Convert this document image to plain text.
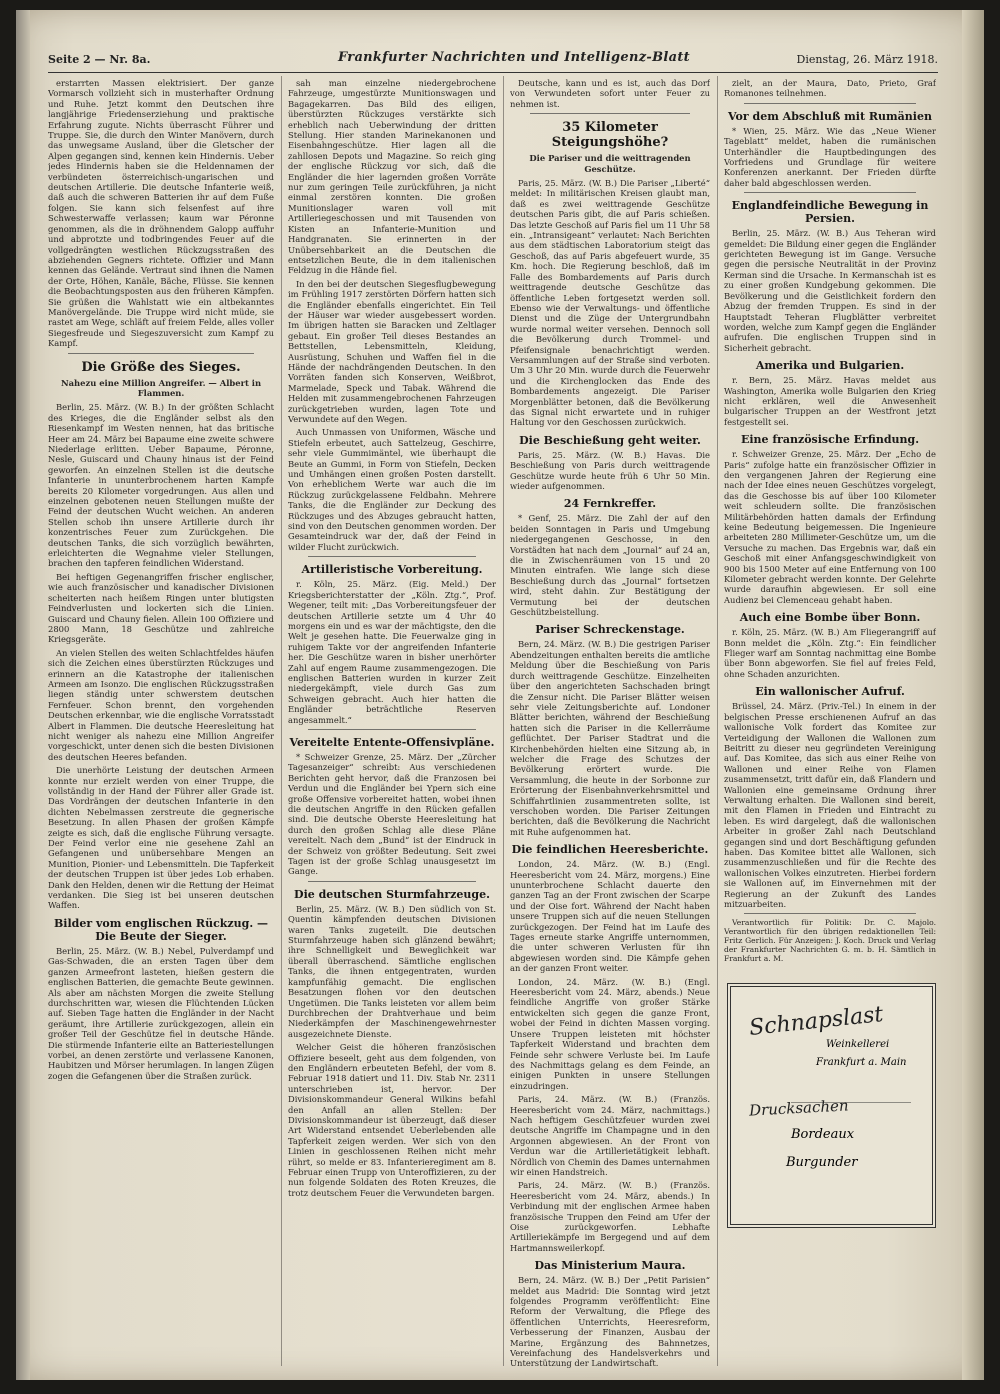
Seite 2 — Nr. 8a.	Frankfurter Nachrichten und Intelligenz-Blatt	Dienstag, 26. März 1918.

erstarrten Massen elektrisiert. Der ganze Vormarsch vollzieht sich in musterhafter Ordnung und Ruhe. Jetzt kommt den Deutschen ihre langjährige Friedenserziehung und praktische Erfahrung zugute. Nichts überrascht Führer und Truppe. Sie, die durch den Winter Manövern, durch das unwegsame Ausland, über die Gletscher der Alpen gegangen sind, kennen kein Hindernis. Ueber jedes Hindernis haben sie die Heldennamen der verbündeten österreichisch-ungarischen und deutschen Artillerie. Die deutsche Infanterie weiß, daß auch die schweren Batterien ihr auf dem Fuße folgen. Sie kann sich felsenfest auf ihre Schwesterwaffe verlassen; kaum war Péronne genommen, als die in dröhnendem Galopp auffuhr und abprotzte und todbringendes Feuer auf die vollgedrängten westlichen Rückzugsstraßen des abziehenden Gegners richtete. Offizier und Mann kennen das Gelände. Vertraut sind ihnen die Namen der Orte, Höhen, Kanäle, Bäche, Flüsse. Sie kennen die Beobachtungsposten aus den früheren Kämpfen. Sie grüßen die Wahlstatt wie ein altbekanntes Manövergelände. Die Truppe wird nicht müde, sie rastet am Wege, schläft auf freiem Felde, alles voller Siegesfreude und Siegeszuversicht zum Kampf zu Kampf.

Die Größe des Sieges.
Nahezu eine Million Angreifer. — Albert in Flammen.

Berlin, 25. März. (W. B.) In der größten Schlacht des Krieges, die die Engländer selbst als den Riesenkampf im Westen nennen, hat das britische Heer am 24. März bei Bapaume eine zweite schwere Niederlage erlitten. Ueber Bapaume, Péronne, Nesle, Guiscard und Chauny hinaus ist der Feind geworfen. An einzelnen Stellen ist die deutsche Infanterie in ununterbrochenem harten Kampfe bereits 20 Kilometer vorgedrungen. Aus allen und einzelnen gebotenen neuen Stellungen mußte der Feind der deutschen Wucht weichen. An anderen Stellen schob ihn unsere Artillerie durch ihr konzentrisches Feuer zum Zurückgehen. Die deutschen Tanks, die sich vorzüglich bewährten, erleichterten die Wegnahme vieler Stellungen, brachen den tapferen feindlichen Widerstand.

Bei heftigen Gegenangriffen frischer englischer, wie auch französischer und kanadischer Divisionen scheiterten nach heißem Ringen unter blutigsten Feindverlusten und lockerten sich die Linien. Guiscard und Chauny fielen. Allein 100 Offiziere und 2800 Mann, 18 Geschütze und zahlreiche Kriegsgeräte.

An vielen Stellen des weiten Schlachtfeldes häufen sich die Zeichen eines überstürzten Rückzuges und erinnern an die Katastrophe der italienischen Armeen am Isonzo. Die englischen Rückzugsstraßen liegen ständig unter schwerstem deutschen Fernfeuer. Schon brennt, den vorgehenden Deutschen erkennbar, wie die englische Vorratsstadt Albert in Flammen. Die deutsche Heeresleitung hat nicht weniger als nahezu eine Million Angreifer vorgeschickt, unter denen sich die besten Divisionen des deutschen Heeres befanden.

Die unerhörte Leistung der deutschen Armeen konnte nur erzielt werden von einer Truppe, die vollständig in der Hand der Führer aller Grade ist. Das Vordrängen der deutschen Infanterie in den dichten Nebelmassen zerstreute die gegnerische Besetzung. In allen Phasen der großen Kämpfe zeigte es sich, daß die englische Führung versagte. Der Feind verlor eine nie gesehene Zahl an Gefangenen und unübersehbare Mengen an Munition, Pionier- und Lebensmitteln. Die Tapferkeit der deutschen Truppen ist über jedes Lob erhaben. Dank den Helden, denen wir die Rettung der Heimat verdanken. Die Sieg ist bei unseren deutschen Waffen.

Bilder vom englischen Rückzug. — Die Beute der Sieger.

Berlin, 25. März. (W. B.) Nebel, Pulverdampf und Gas-Schwaden, die an ersten Tagen über dem ganzen Armeefront lasteten, hießen gestern die englischen Batterien, die gemachte Beute gewinnen. Als aber am nächsten Morgen die zweite Stellung durchschritten war, wiesen die Flüchtenden Lücken auf. Sieben Tage hatten die Engländer in der Nacht geräumt, ihre Artillerie zurückgezogen, allein ein großer Teil der Geschütze fiel in deutsche Hände. Die stürmende Infanterie eilte an Batteriestellungen vorbei, an denen zerstörte und verlassene Kanonen, Haubitzen und Mörser herumlagen. In langen Zügen zogen die Gefangenen über die Straßen zurück.

sah man einzelne niedergebrochene Fahrzeuge, umgestürzte Munitionswagen und Bagagekarren. Das Bild des eiligen, überstürzten Rückzuges verstärkte sich erheblich nach Ueberwindung der dritten Stellung. Hier standen Marinekanonen und Eisenbahngeschütze. Hier lagen all die zahllosen Depots und Magazine. So reich ging der englische Rückzug vor sich, daß die Engländer die hier lagernden großen Vorräte nur zum geringen Teile zurückführen, ja nicht einmal zerstören konnten. Die großen Munitionslager waren voll mit Artilleriegeschossen und mit Tausenden von Kisten an Infanterie-Munition und Handgranaten. Sie erinnerten in der Unübersehbarkeit an die Deutschen die entsetzlichen Beute, die in dem italienischen Feldzug in die Hände fiel.

In den bei der deutschen Siegesflugbewegung im Frühling 1917 zerstörten Dörfern hatten sich die Engländer ebenfalls eingerichtet. Ein Teil der Häuser war wieder ausgebessert worden. Im übrigen hatten sie Baracken und Zeltlager gebaut. Ein großer Teil dieses Bestandes an Bettstellen, Lebensmitteln, Kleidung, Ausrüstung, Schuhen und Waffen fiel in die Hände der nachdrängenden Deutschen. In den Vorräten fanden sich Konserven, Weißbrot, Marmelade, Speck und Tabak. Während die Helden mit zusammengebrochenen Fahrzeugen zurückgetrieben wurden, lagen Tote und Verwundete auf den Wegen.

Auch Unmassen von Uniformen, Wäsche und Stiefeln erbeutet, auch Sattelzeug, Geschirre, sehr viele Gummimäntel, wie überhaupt die Beute an Gummi, in Form von Stiefeln, Decken und Umhängen einen großen Posten darstellt. Von erheblichem Werte war auch die im Rückzug zurückgelassene Feldbahn. Mehrere Tanks, die die Engländer zur Deckung des Rückzuges und des Abzuges gebraucht hatten, sind von den Deutschen genommen worden. Der Gesamteindruck war der, daß der Feind in wilder Flucht zurückwich.

Artilleristische Vorbereitung.

r. Köln, 25. März. (Eig. Meld.) Der Kriegsberichterstatter der „Köln. Ztg.“, Prof. Wegener, teilt mit: „Das Vorbereitungsfeuer der deutschen Artillerie setzte um 4 Uhr 40 morgens ein und es war der mächtigste, den die Welt je gesehen hatte. Die Feuerwalze ging in ruhigem Takte vor der angreifenden Infanterie her. Die Geschütze waren in bisher unerhörter Zahl auf engem Raume zusammengezogen. Die englischen Batterien wurden in kurzer Zeit niedergekämpft, viele durch Gas zum Schweigen gebracht. Auch hier hatten die Engländer beträchtliche Reserven angesammelt.“

Vereitelte Entente-Offensivpläne.

* Schweizer Grenze, 25. März. Der „Zürcher Tagesanzeiger“ schreibt: Aus verschiedenen Berichten geht hervor, daß die Franzosen bei Verdun und die Engländer bei Ypern sich eine große Offensive vorbereitet hatten, wobei ihnen die deutschen Angriffe in den Rücken gefallen sind. Die deutsche Oberste Heeresleitung hat durch den großen Schlag alle diese Pläne vereitelt. Nach dem „Bund“ ist der Eindruck in der Schweiz von größter Bedeutung. Seit zwei Tagen ist der große Schlag unausgesetzt im Gange.

Die deutschen Sturmfahrzeuge.

Berlin, 25. März. (W. B.) Den südlich von St. Quentin kämpfenden deutschen Divisionen waren Tanks zugeteilt. Die deutschen Sturmfahrzeuge haben sich glänzend bewährt; ihre Schnelligkeit und Beweglichkeit war überall überraschend. Sämtliche englischen Tanks, die ihnen entgegentraten, wurden kampfunfähig gemacht. Die englischen Besatzungen flohen vor den deutschen Ungetümen. Die Tanks leisteten vor allem beim Durchbrechen der Drahtverhaue und beim Niederkämpfen der Maschinengewehrnester ausgezeichnete Dienste.

Welcher Geist die höheren französischen Offiziere beseelt, geht aus dem folgenden, von den Engländern erbeuteten Befehl, der vom 8. Februar 1918 datiert und 11. Div. Stab Nr. 2311 unterschrieben ist, hervor. Der Divisionskommandeur General Wilkins befahl den Anfall an allen Stellen: Der Divisionskommandeur ist überzeugt, daß dieser Art Widerstand entsendet Ueberlebenden alle Tapferkeit zeigen werden. Wer sich von den Linien in geschlossenen Reihen nicht mehr rührt, so melde er 83. Infanterieregiment am 8. Februar einen Trupp von Unteroffizieren, zu der nun folgende Soldaten des Roten Kreuzes, die trotz deutschem Feuer die Verwundeten bargen.

Deutsche, kann und es ist, auch das Dorf von Verwundeten sofort unter Feuer zu nehmen ist.

35 Kilometer Steigungshöhe?
Die Pariser und die weittragenden Geschütze.

Paris, 25. März. (W. B.) Die Pariser „Liberté“ meldet: In militärischen Kreisen glaubt man, daß es zwei weittragende Geschütze deutschen Paris gibt, die auf Paris schießen. Das letzte Geschoß auf Paris fiel um 11 Uhr 58 ein. „Intransigeant“ verlautet: Nach Berichten aus dem städtischen Laboratorium steigt das Geschoß, das auf Paris abgefeuert wurde, 35 Km. hoch. Die Regierung beschloß, daß im Falle des Bombardements auf Paris durch weittragende deutsche Geschütze das öffentliche Leben fortgesetzt werden soll. Ebenso wie der Verwaltungs- und öffentliche Dienst und die Züge der Untergrundbahn wurde normal weiter versehen. Dennoch soll die Bevölkerung durch Trommel- und Pfeifensignale benachrichtigt werden. Versammlungen auf der Straße sind verboten. Um 3 Uhr 20 Min. wurde durch die Feuerwehr und die Kirchenglocken das Ende des Bombardements angezeigt. Die Pariser Morgenblätter betonen, daß die Bevölkerung das Signal nicht erwartete und in ruhiger Haltung vor den Geschossen zurückwich.

Die Beschießung geht weiter.

Paris, 25. März. (W. B.) Havas. Die Beschießung von Paris durch weittragende Geschütze wurde heute früh 6 Uhr 50 Min. wieder aufgenommen.

24 Fernkreffer.

* Genf, 25. März. Die Zahl der auf den beiden Sonntagen in Paris und Umgebung niedergegangenen Geschosse, in den Vorstädten hat nach dem „Journal“ auf 24 an, die in Zwischenräumen von 15 und 20 Minuten eintrafen. Wie lange sich diese Beschießung durch das „Journal“ fortsetzen wird, steht dahin. Zur Bestätigung der Vermutung bei der deutschen Geschützbeistellung.

Pariser Schreckenstage.

Bern, 24. März. (W. B.) Die gestrigen Pariser Abendzeitungen enthalten bereits die amtliche Meldung über die Beschießung von Paris durch weittragende Geschütze. Einzelheiten über den angerichteten Sachschaden bringt die Zensur nicht. Die Pariser Blätter weisen sehr viele Zeitungsberichte auf. Londoner Blätter berichten, während der Beschießung hatten sich die Pariser in die Kellerräume geflüchtet. Der Pariser Stadtrat und die Kirchenbehörden hielten eine Sitzung ab, in welcher die Frage des Schutzes der Bevölkerung erörtert wurde. Die Versammlung, die heute in der Sorbonne zur Erörterung der Eisenbahnverkehrsmittel und Schiffahrtlinien zusammentreten sollte, ist verschoben worden. Die Pariser Zeitungen berichten, daß die Bevölkerung die Nachricht mit Ruhe aufgenommen hat.

Die feindlichen Heeresberichte.

London, 24. März. (W. B.) (Engl. Heeresbericht vom 24. März, morgens.) Eine ununterbrochene Schlacht dauerte den ganzen Tag an der Front zwischen der Scarpe und der Oise fort. Während der Nacht haben unsere Truppen sich auf die neuen Stellungen zurückgezogen. Der Feind hat im Laufe des Tages erneute starke Angriffe unternommen, die unter schweren Verlusten für ihn abgewiesen worden sind. Die Kämpfe gehen an der ganzen Front weiter.

London, 24. März. (W. B.) (Engl. Heeresbericht vom 24. März, abends.) Neue feindliche Angriffe von großer Stärke entwickelten sich gegen die ganze Front, wobei der Feind in dichten Massen vorging. Unsere Truppen leisteten mit höchster Tapferkeit Widerstand und brachten dem Feinde sehr schwere Verluste bei. Im Laufe des Nachmittags gelang es dem Feinde, an einigen Punkten in unsere Stellungen einzudringen.

Paris, 24. März. (W. B.) (Französ. Heeresbericht vom 24. März, nachmittags.) Nach heftigem Geschützfeuer wurden zwei deutsche Angriffe im Champagne und in den Argonnen abgewiesen. An der Front von Verdun war die Artillerietätigkeit lebhaft. Nördlich von Chemin des Dames unternahmen wir einen Handstreich.

Paris, 24. März. (W. B.) (Französ. Heeresbericht vom 24. März, abends.) In Verbindung mit der englischen Armee haben französische Truppen den Feind am Ufer der Oise zurückgeworfen. Lebhafte Artilleriekämpfe im Bergegend und auf dem Hartmannsweilerkopf.

Das Ministerium Maura.

Bern, 24. März. (W. B.) Der „Petit Parisien“ meldet aus Madrid: Die Sonntag wird jetzt folgendes Programm veröffentlicht: Eine Reform der Verwaltung, die Pflege des öffentlichen Unterrichts, Heeresreform, Verbesserung der Finanzen, Ausbau der Marine, Ergänzung des Bahnnetzes, Vereinfachung des Handelsverkehrs und Unterstützung der Landwirtschaft.

zielt, an der Maura, Dato, Prieto, Graf Romanones teilnehmen.

Vor dem Abschluß mit Rumänien

* Wien, 25. März. Wie das „Neue Wiener Tageblatt“ meldet, haben die rumänischen Unterhändler die Hauptbedingungen des Vorfriedens und Grundlage für weitere Konferenzen anerkannt. Der Frieden dürfte daher bald abgeschlossen werden.

Englandfeindliche Bewegung in Persien.

Berlin, 25. März. (W. B.) Aus Teheran wird gemeldet: Die Bildung einer gegen die Engländer gerichteten Bewegung ist im Gange. Versuche gegen die persische Neutralität in der Provinz Kerman sind die Ursache. In Kermanschah ist es zu einer großen Kundgebung gekommen. Die Bevölkerung und die Geistlichkeit fordern den Abzug der fremden Truppen. Es sind in der Hauptstadt Teheran Flugblätter verbreitet worden, welche zum Kampf gegen die Engländer aufrufen. Die englischen Truppen sind in Sicherheit gebracht.

Amerika und Bulgarien.

r. Bern, 25. März. Havas meldet aus Washington, Amerika wolle Bulgarien den Krieg nicht erklären, weil die Anwesenheit bulgarischer Truppen an der Westfront jetzt festgestellt sei.

Eine französische Erfindung.

r. Schweizer Grenze, 25. März. Der „Echo de Paris“ zufolge hatte ein französischer Offizier in den vergangenen Jahren der Regierung eine nach der Idee eines neuen Geschützes vorgelegt, das die Geschosse bis auf über 100 Kilometer weit schleudern sollte. Die französischen Militärbehörden hatten damals der Erfindung keine Bedeutung beigemessen. Die Ingenieure arbeiteten 280 Millimeter-Geschütze um, um die Versuche zu machen. Das Ergebnis war, daß ein Geschoß mit einer Anfangsgeschwindigkeit von 900 bis 1500 Meter auf eine Entfernung von 100 Kilometer gebracht werden konnte. Der Gelehrte wurde daraufhin abgewiesen. Er soll eine Audienz bei Clemenceau gehabt haben.

Auch eine Bombe über Bonn.

r. Köln, 25. März. (W. B.) Am Fliegerangriff auf Bonn meldet die „Köln. Ztg.“: Ein feindlicher Flieger warf am Sonntag nachmittag eine Bombe über Bonn abgeworfen. Sie fiel auf freies Feld, ohne Schaden anzurichten.

Ein wallonischer Aufruf.

Brüssel, 24. März. (Priv.-Tel.) In einem in der belgischen Presse erschienenen Aufruf an das wallonische Volk fordert das Komitee zur Verteidigung der Wallonen die Wallonen zum Beitritt zu dieser neu gegründeten Vereinigung auf. Das Komitee, das sich aus einer Reihe von Wallonen und einer Reihe von Flamen zusammensetzt, tritt dafür ein, daß Flandern und Wallonien eine gemeinsame Ordnung ihrer Verwaltung erhalten. Die Wallonen sind bereit, mit den Flamen in Frieden und Eintracht zu leben. Es wird dargelegt, daß die wallonischen Arbeiter in großer Zahl nach Deutschland gegangen sind und dort Beschäftigung gefunden haben. Das Komitee bittet alle Wallonen, sich zusammenzuschließen und für die Rechte des wallonischen Volkes einzutreten. Hierbei fordern sie Wallonen auf, im Einvernehmen mit der Regierung an der Zukunft des Landes mitzuarbeiten.

Verantwortlich für Politik: Dr. C. Majolo. Verantwortlich für den übrigen redaktionellen Teil: Fritz Gerlich. Für Anzeigen: J. Koch. Druck und Verlag der Frankfurter Nachrichten G. m. b. H. Sämtlich in Frankfurt a. M.

Schnapslast
Weinkellerei
Frankfurt a. Main
Drucksachen
Bordeaux
Burgunder
